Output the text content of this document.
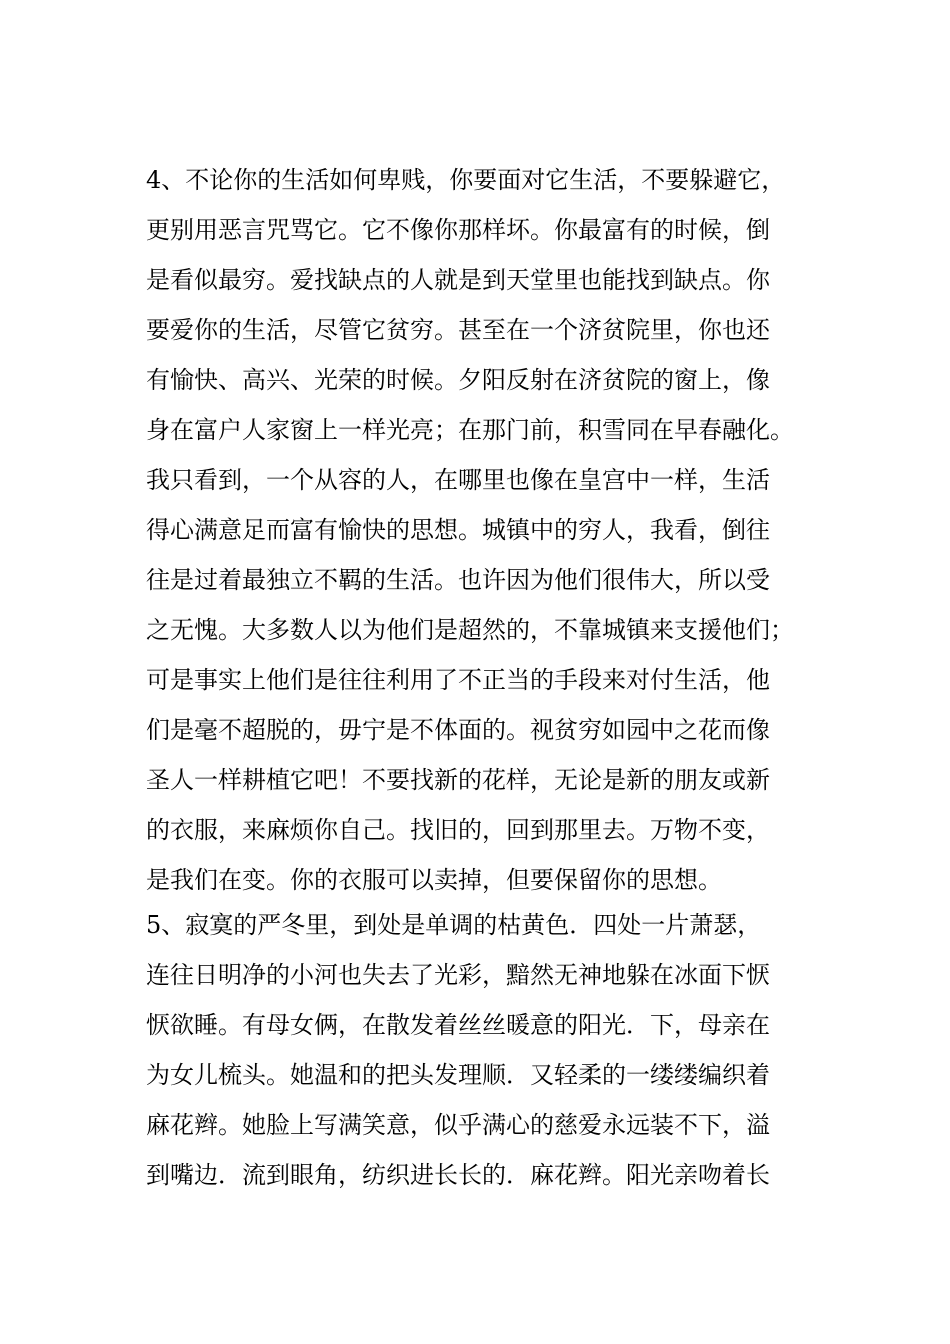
4、不论你的生活如何卑贱，你要面对它生活，不要躲避它，
更别用恶言咒骂它。它不像你那样坏。你最富有的时候，倒
是看似最穷。爱找缺点的人就是到天堂里也能找到缺点。你
要爱你的生活，尽管它贫穷。甚至在一个济贫院里，你也还
有愉快、高兴、光荣的时候。夕阳反射在济贫院的窗上，像
身在富户人家窗上一样光亮；在那门前，积雪同在早春融化。
我只看到，一个从容的人，在哪里也像在皇宫中一样，生活
得心满意足而富有愉快的思想。城镇中的穷人，我看，倒往
往是过着最独立不羁的生活。也许因为他们很伟大，所以受
之无愧。大多数人以为他们是超然的，不靠城镇来支援他们；
可是事实上他们是往往利用了不正当的手段来对付生活，他
们是毫不超脱的，毋宁是不体面的。视贫穷如园中之花而像
圣人一样耕植它吧！不要找新的花样，无论是新的朋友或新
的衣服，来麻烦你自己。找旧的，回到那里去。万物不变，
是我们在变。你的衣服可以卖掉，但要保留你的思想。
5、寂寞的严冬里，到处是单调的枯黄色．四处一片萧瑟，
连往日明净的小河也失去了光彩，黯然无神地躲在冰面下恹
恹欲睡。有母女俩，在散发着丝丝暖意的阳光．下，母亲在
为女儿梳头。她温和的把头发理顺．又轻柔的一缕缕编织着
麻花辫。她脸上写满笑意，似乎满心的慈爱永远装不下，溢
到嘴边．流到眼角，纺织进长长的．麻花辫。阳光亲吻着长
